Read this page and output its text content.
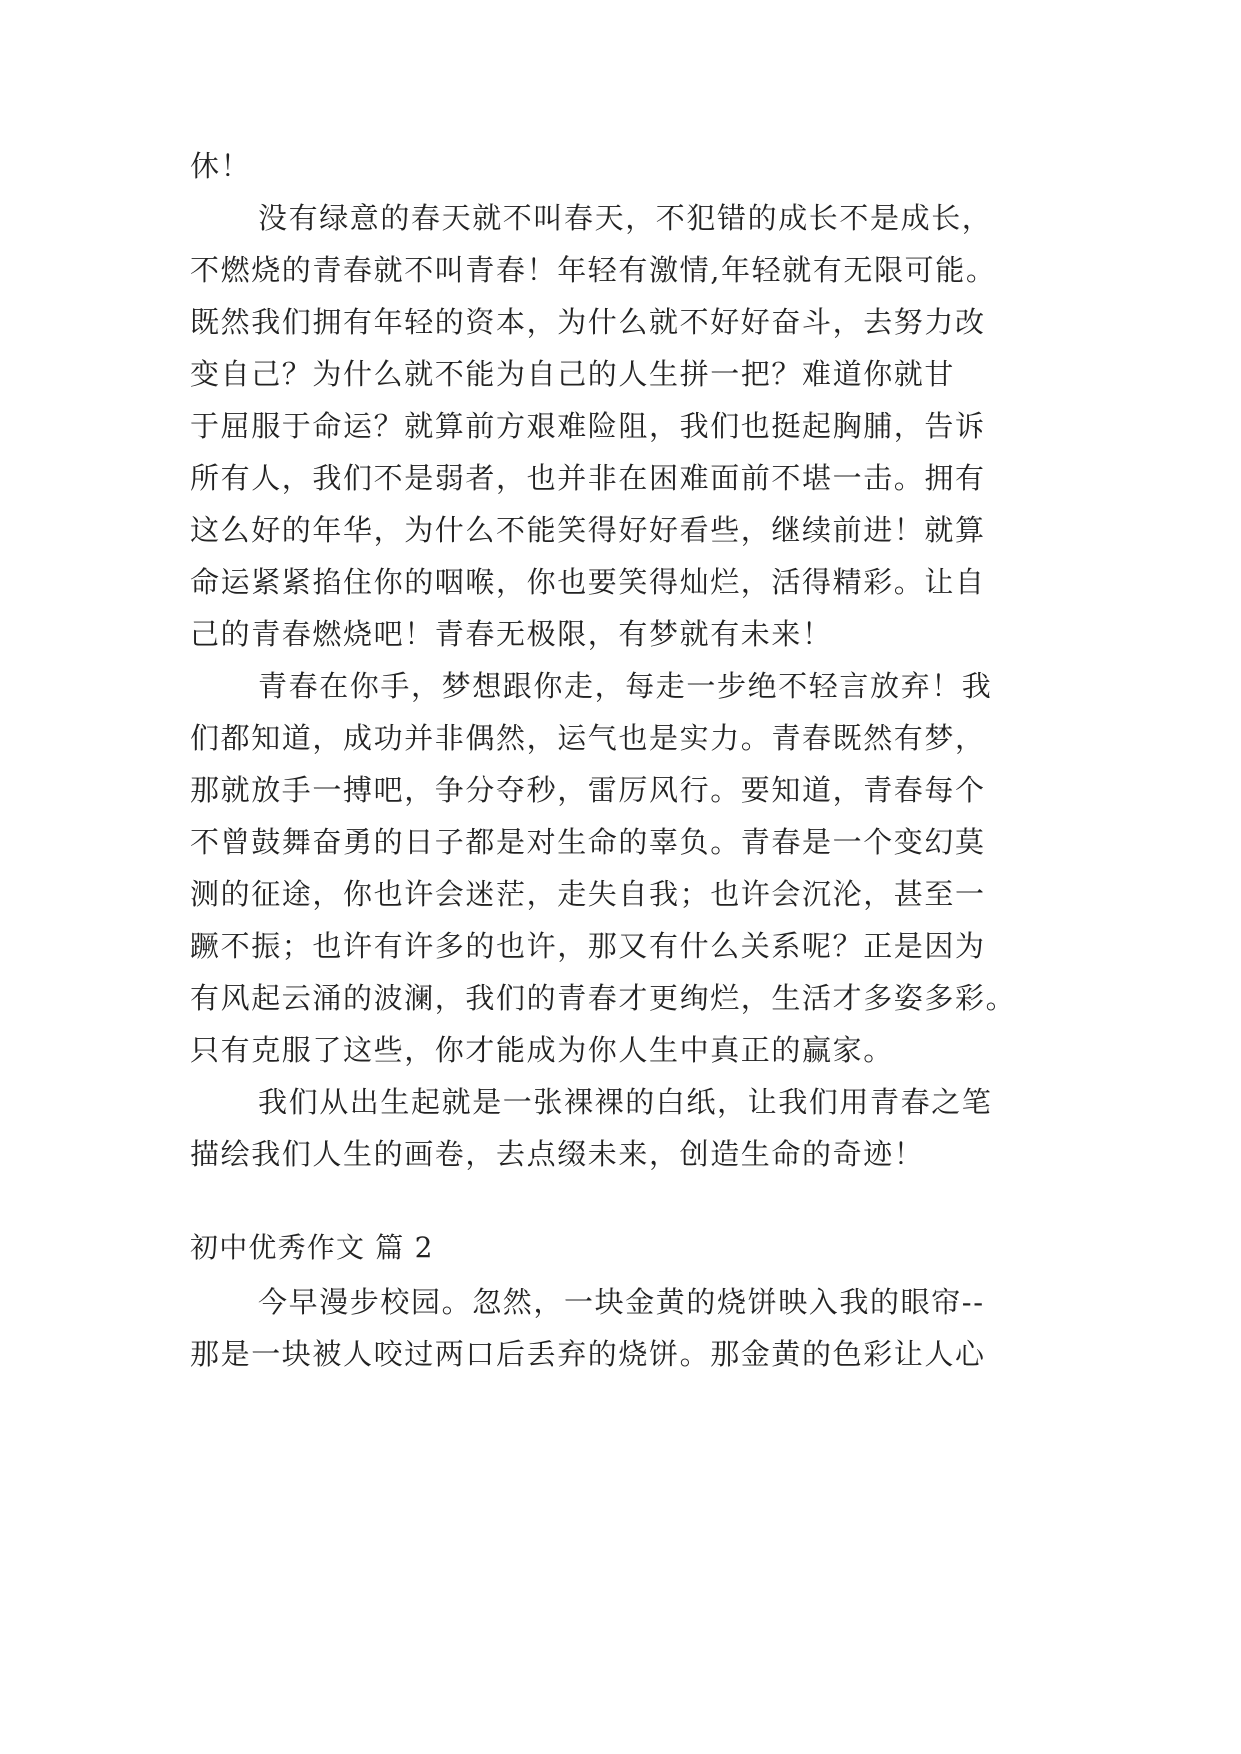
休！
没有绿意的春天就不叫春天，不犯错的成长不是成长，
不燃烧的青春就不叫青春！年轻有激情,年轻就有无限可能。
既然我们拥有年轻的资本，为什么就不好好奋斗，去努力改
变自己？为什么就不能为自己的人生拼一把？难道你就甘
于屈服于命运？就算前方艰难险阻，我们也挺起胸脯，告诉
所有人，我们不是弱者，也并非在困难面前不堪一击。拥有
这么好的年华，为什么不能笑得好好看些，继续前进！就算
命运紧紧掐住你的咽喉，你也要笑得灿烂，活得精彩。让自
己的青春燃烧吧！青春无极限，有梦就有未来！
青春在你手，梦想跟你走，每走一步绝不轻言放弃！我
们都知道，成功并非偶然，运气也是实力。青春既然有梦，
那就放手一搏吧，争分夺秒，雷厉风行。要知道，青春每个
不曾鼓舞奋勇的日子都是对生命的辜负。青春是一个变幻莫
测的征途，你也许会迷茫，走失自我；也许会沉沦，甚至一
蹶不振；也许有许多的也许，那又有什么关系呢？正是因为
有风起云涌的波澜，我们的青春才更绚烂，生活才多姿多彩。
只有克服了这些，你才能成为你人生中真正的赢家。
我们从出生起就是一张裸裸的白纸，让我们用青春之笔
描绘我们人生的画卷，去点缀未来，创造生命的奇迹！
初中优秀作文 篇 2
今早漫步校园。忽然，一块金黄的烧饼映入我的眼帘--
那是一块被人咬过两口后丢弃的烧饼。那金黄的色彩让人心
